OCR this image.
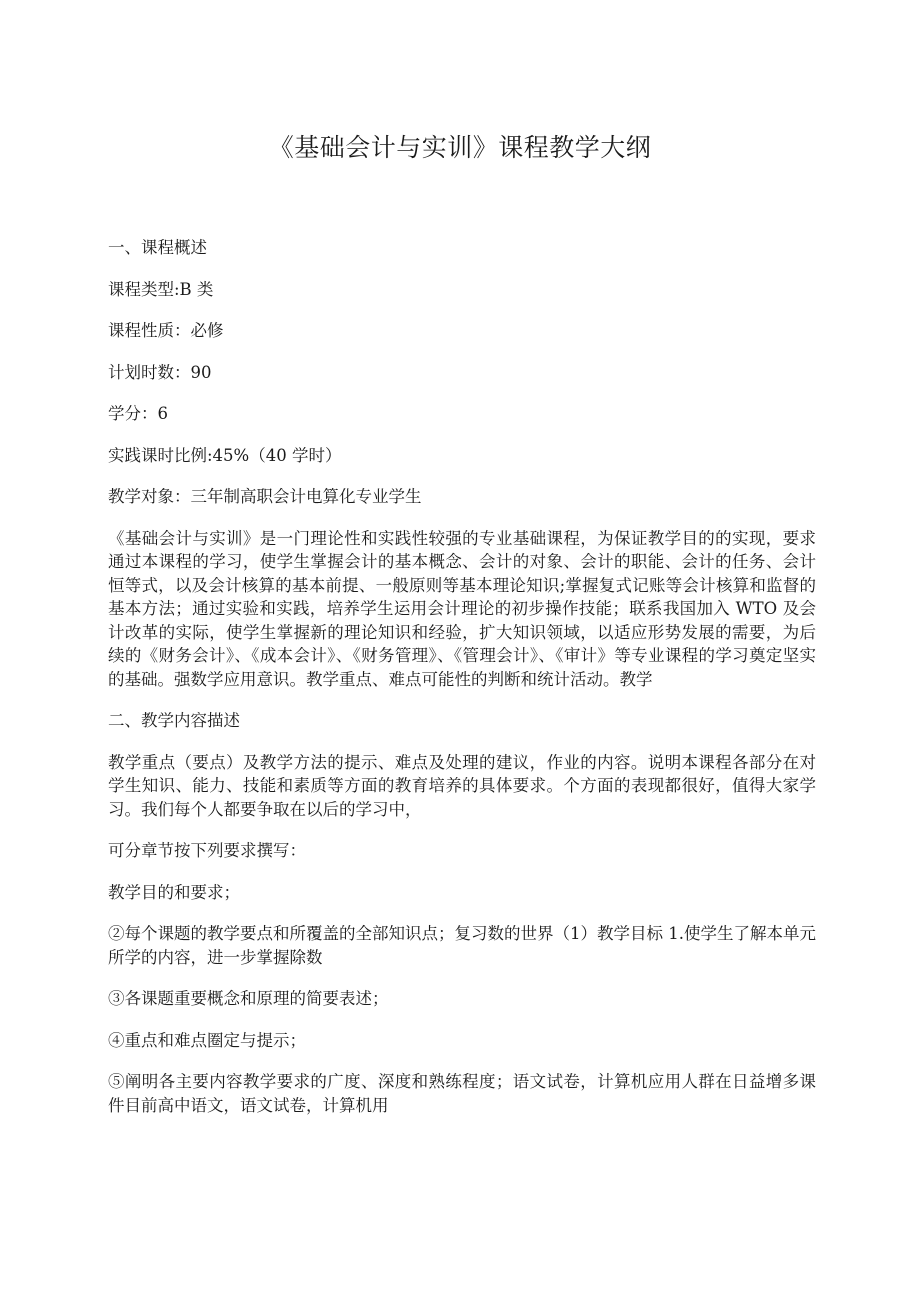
《基础会计与实训》课程教学大纲

一、课程概述

课程类型:B 类

课程性质：必修

计划时数：90

学分：6

实践课时比例:45%（40 学时）

教学对象：三年制高职会计电算化专业学生

《基础会计与实训》是一门理论性和实践性较强的专业基础课程，为保证教学目的的实现，要求通过本课程的学习，使学生掌握会计的基本概念、会计的对象、会计的职能、会计的任务、会计恒等式，以及会计核算的基本前提、一般原则等基本理论知识;掌握复式记账等会计核算和监督的基本方法；通过实验和实践，培养学生运用会计理论的初步操作技能；联系我国加入 WTO 及会计改革的实际，使学生掌握新的理论知识和经验，扩大知识领域，以适应形势发展的需要，为后续的《财务会计》、《成本会计》、《财务管理》、《管理会计》、《审计》等专业课程的学习奠定坚实的基础。强数学应用意识。教学重点、难点可能性的判断和统计活动。教学

二、教学内容描述

教学重点（要点）及教学方法的提示、难点及处理的建议，作业的内容。说明本课程各部分在对学生知识、能力、技能和素质等方面的教育培养的具体要求。个方面的表现都很好，值得大家学习。我们每个人都要争取在以后的学习中，

可分章节按下列要求撰写：

教学目的和要求；

②每个课题的教学要点和所覆盖的全部知识点；复习数的世界（1）教学目标 1.使学生了解本单元所学的内容，进一步掌握除数

③各课题重要概念和原理的简要表述；

④重点和难点圈定与提示；

⑤阐明各主要内容教学要求的广度、深度和熟练程度；语文试卷，计算机应用人群在日益增多课件目前高中语文，语文试卷，计算机用
